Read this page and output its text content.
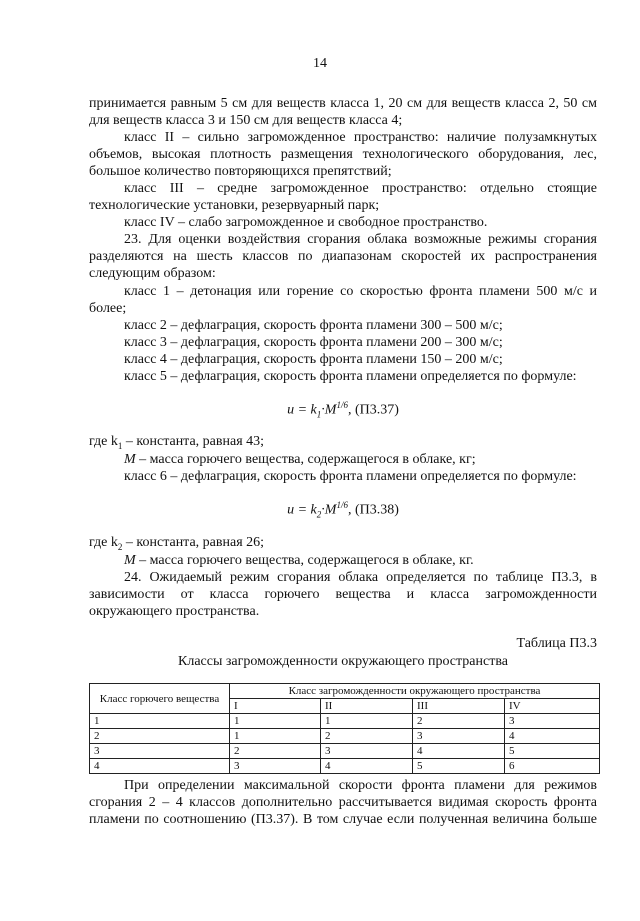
14
принимается равным 5 см для веществ класса 1, 20 см для веществ класса 2, 50 см
для веществ класса 3 и 150 см для веществ класса 4;
класс II – сильно загроможденное пространство: наличие полузамкнутых
объемов, высокая плотность размещения технологического оборудования, лес,
большое количество повторяющихся препятствий;
класс III – средне загроможденное пространство: отдельно стоящие
технологические установки, резервуарный парк;
класс IV – слабо загроможденное и свободное пространство.
23. Для оценки воздействия сгорания облака возможные режимы сгорания
разделяются на шесть классов по диапазонам скоростей их распространения
следующим образом:
класс 1 – детонация или горение со скоростью фронта пламени 500 м/с и
более;
класс 2 – дефлаграция, скорость фронта пламени 300 – 500 м/с;
класс 3 – дефлаграция, скорость фронта пламени 200 – 300 м/с;
класс 4 – дефлаграция, скорость фронта пламени 150 – 200 м/с;
класс 5 – дефлаграция, скорость фронта пламени определяется по формуле:
$u = k_1\cdot M^{1/6}$, (П3.37)
где $k_1$ – константа, равная 43;
M – масса горючего вещества, содержащегося в облаке, кг;
класс 6 – дефлаграция, скорость фронта пламени определяется по формуле:
$u = k_2\cdot M^{1/6}$, (П3.38)
где $k_2$ – константа, равная 26;
M – масса горючего вещества, содержащегося в облаке, кг.
24. Ожидаемый режим сгорания облака определяется по таблице П3.3, в
зависимости от класса горючего вещества и класса загроможденности
окружающего пространства.
Таблица П3.3
Классы загроможденности окружающего пространства
Класс горючего вещества	Класс загроможденности окружающего пространства			
	I	II	III	IV
1	1	1	2	3
2	1	2	3	4
3	2	3	4	5
4	3	4	5	6
При определении максимальной скорости фронта пламени для режимов
сгорания 2 – 4 классов дополнительно рассчитывается видимая скорость фронта
пламени по соотношению (П3.37). В том случае если полученная величина больше
